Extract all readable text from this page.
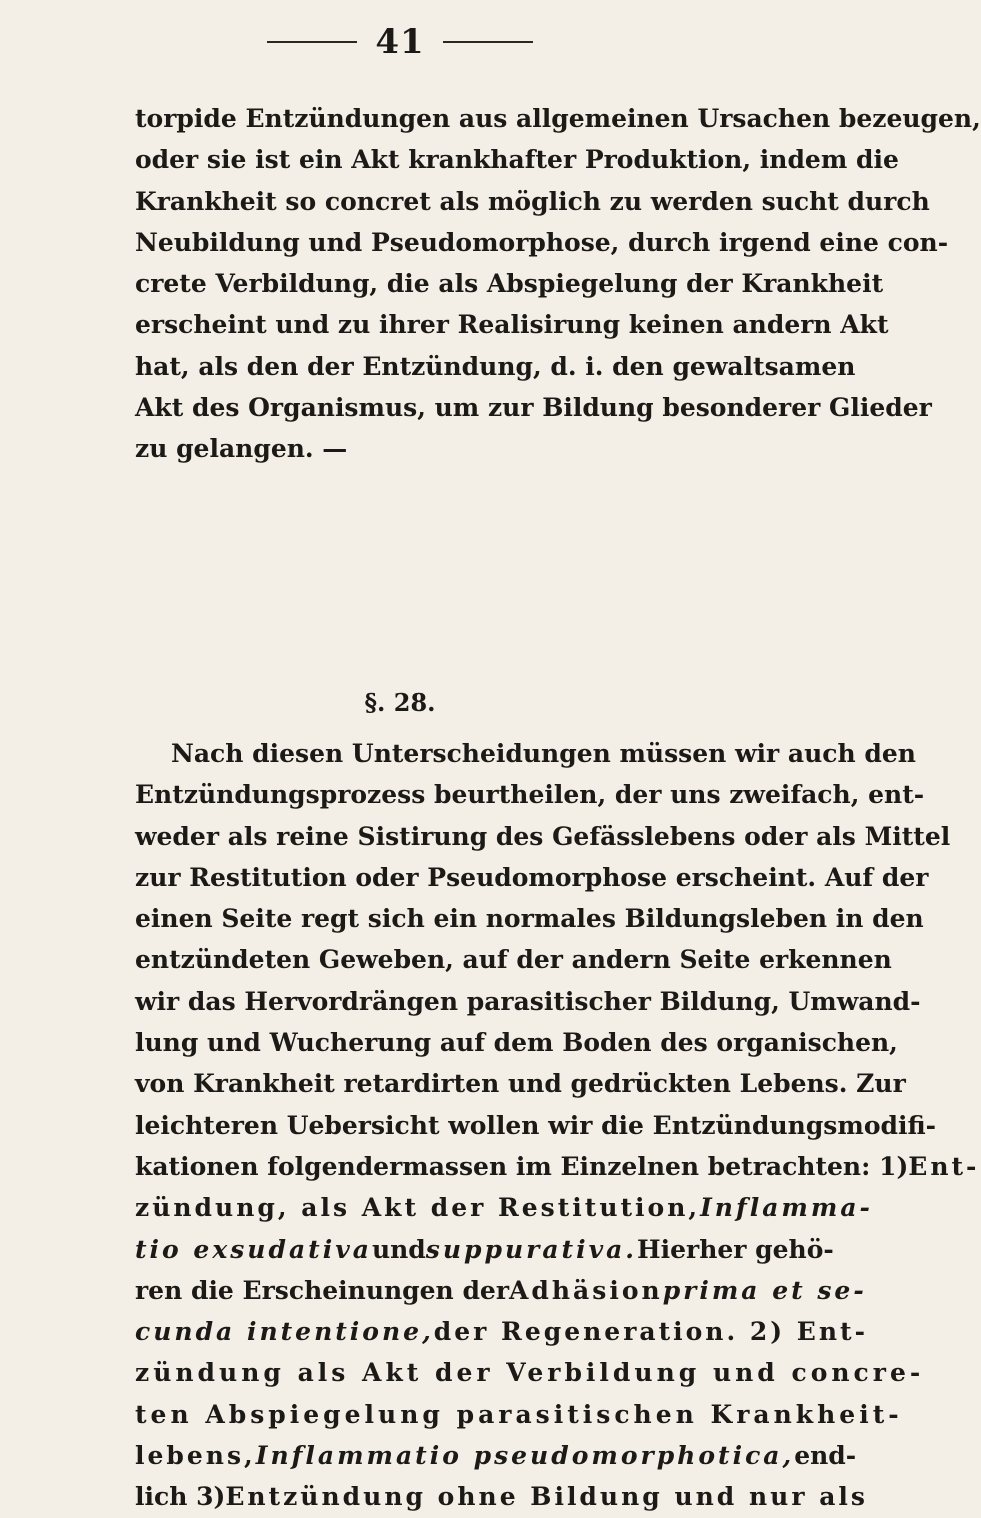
41
torpide Entzündungen aus allgemeinen Ursachen bezeugen,
oder sie ist ein Akt krankhafter Produktion, indem die
Krankheit so concret als möglich zu werden sucht durch
Neubildung und Pseudomorphose, durch irgend eine con-
crete Verbildung, die als Abspiegelung der Krankheit
erscheint und zu ihrer Realisirung keinen andern Akt
hat, als den der Entzündung, d. i. den gewaltsamen
Akt des Organismus, um zur Bildung besonderer Glieder
zu gelangen. —
§. 28.
Nach diesen Unterscheidungen müssen wir auch den
Entzündungsprozess beurtheilen, der uns zweifach, ent-
weder als reine Sistirung des Gefässlebens oder als Mittel
zur Restitution oder Pseudomorphose erscheint. Auf der
einen Seite regt sich ein normales Bildungsleben in den
entzündeten Geweben, auf der andern Seite erkennen
wir das Hervordrängen parasitischer Bildung, Umwand-
lung und Wucherung auf dem Boden des organischen,
von Krankheit retardirten und gedrückten Lebens. Zur
leichteren Uebersicht wollen wir die Entzündungsmodifi-
kationen folgendermassen im Einzelnen betrachten: 1) Ent-
zündung, als Akt der Restitution, Inflamma-
tio exsudativa und suppurativa. Hierher gehö-
ren die Erscheinungen der Adhäsion prima et se-
cunda intentione, der Regeneration. 2) Ent-
zündung als Akt der Verbildung und concre-
ten Abspiegelung parasitischen Krankheit-
lebens, Inflammatio pseudomorphotica, end-
lich 3) Entzündung ohne Bildung und nur als
